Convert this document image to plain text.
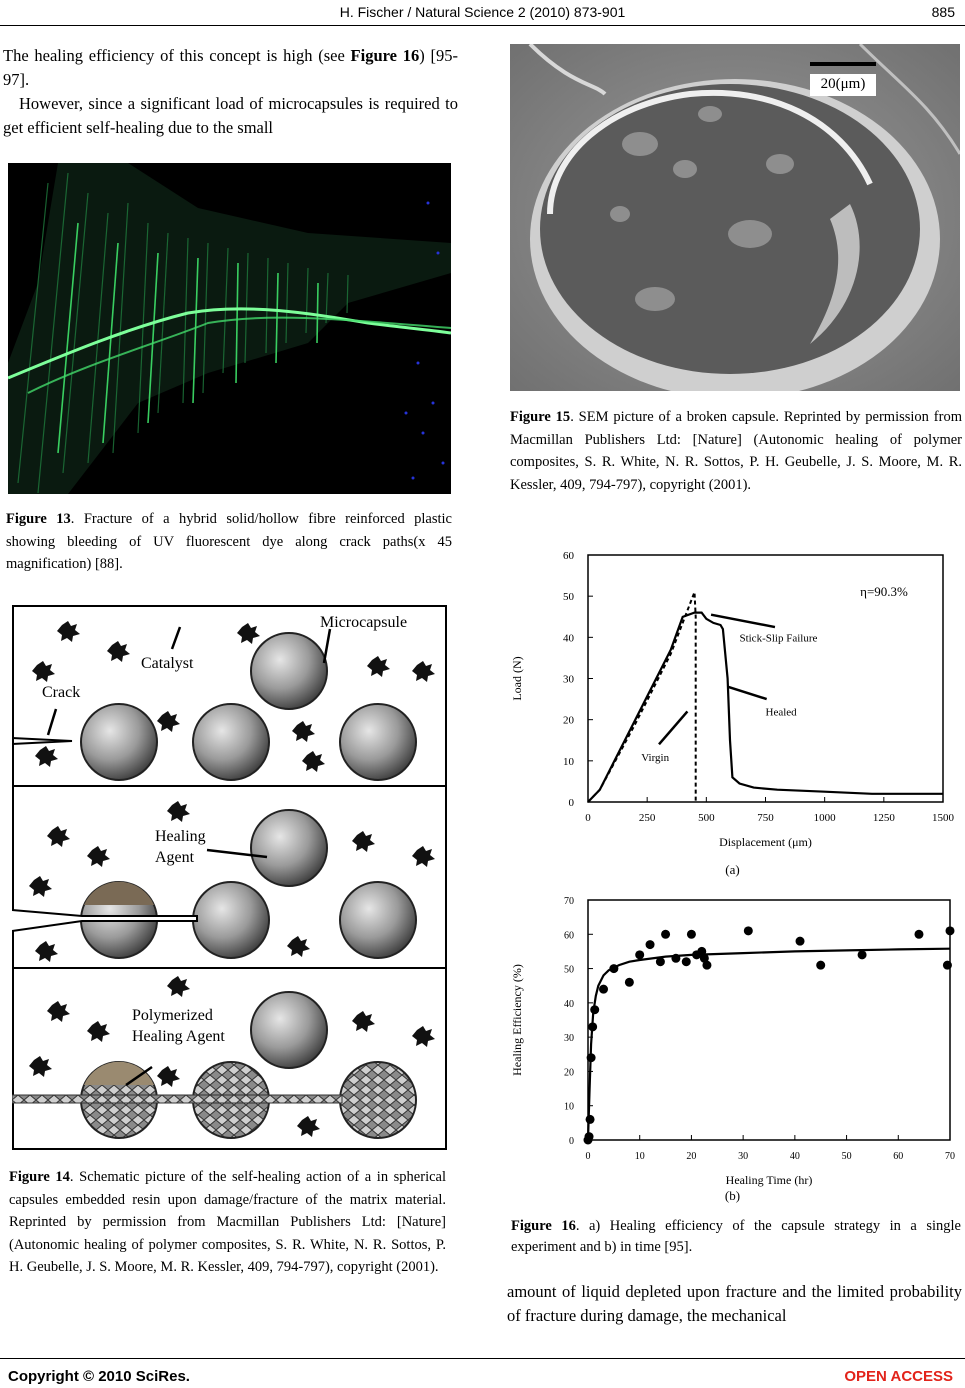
H. Fischer / Natural Science 2 (2010) 873-901	885
The healing efficiency of this concept is high (see Figure 16) [95-97].
However, since a significant load of microcapsules is required to get efficient self-healing due to the small
Figure 13. Fracture of a hybrid solid/hollow fibre reinforced plastic showing bleeding of UV fluorescent dye along crack paths(x 45 magnification) [88].
Microcapsule
Catalyst
Crack
Healing
Agent
Polymerized
Healing Agent
Figure 14. Schematic picture of the self-healing action of a in spherical capsules embedded resin upon damage/fracture of the matrix material. Reprinted by permission from Macmillan Publishers Ltd: [Nature] (Autonomic healing of polymer composites, S. R. White, N. R. Sottos, P. H. Geubelle, J. S. Moore, M. R. Kessler, 409, 794-797), copyright (2001).
20(μm)
Figure 15. SEM picture of a broken capsule. Reprinted by permission from Macmillan Publishers Ltd: [Nature] (Autonomic healing of polymer composites, S. R. White, N. R. Sottos, P. H. Geubelle, J. S. Moore, M. R. Kessler, 409, 794-797), copyright (2001).
0	250	500	750	1000	1250	1500
0
10
20
30
40
50
60
Displacement (μm)
Load (N)
η=90.3%
Stick-Slip Failure
Healed
Virgin
(a)
0	10	20	30	40	50	60	70
0
10
20
30
40
50
60
70
Healing Time (hr)
Healing Efficiency (%)
(b)
Figure 16. a) Healing efficiency of the capsule strategy in a single experiment and b) in time [95].
amount of liquid depleted upon fracture and the limited probability of fracture during damage, the mechanical
Copyright © 2010 SciRes.	OPEN ACCESS
